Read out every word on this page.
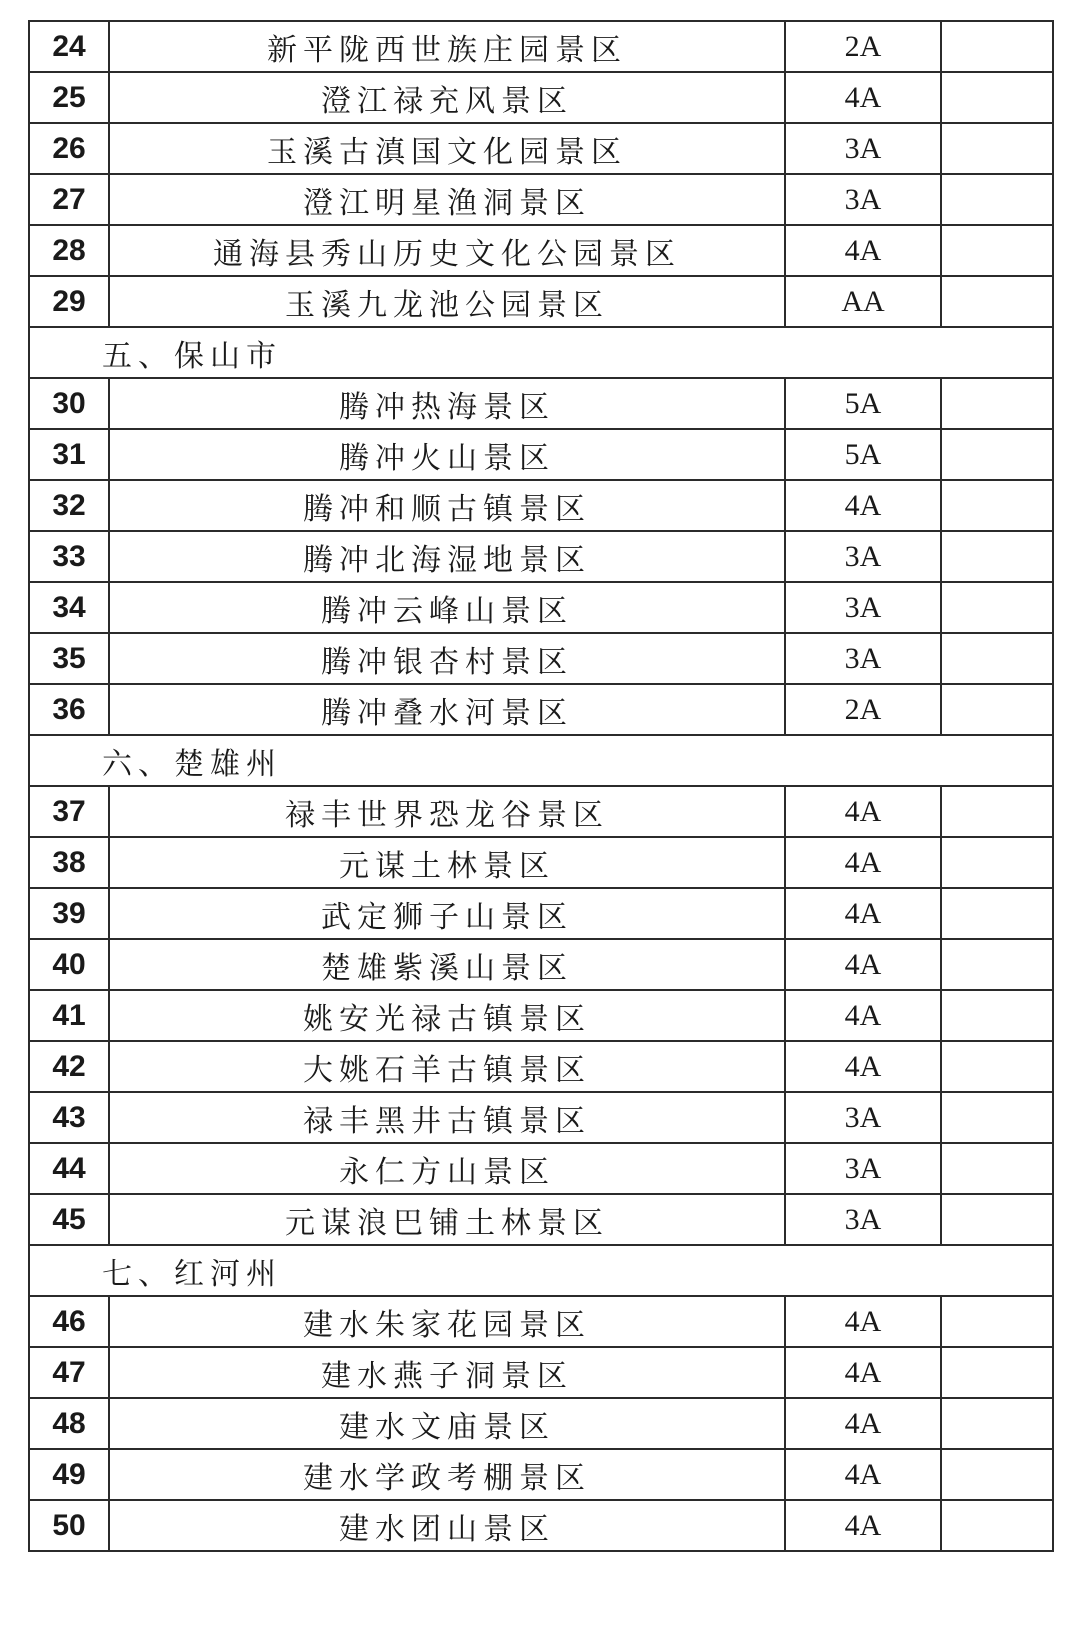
24	新平陇西世族庄园景区	2A	
25	澄江禄充风景区	4A	
26	玉溪古滇国文化园景区	3A	
27	澄江明星渔洞景区	3A	
28	通海县秀山历史文化公园景区	4A	
29	玉溪九龙池公园景区	AA	
五、保山市			
30	腾冲热海景区	5A	
31	腾冲火山景区	5A	
32	腾冲和顺古镇景区	4A	
33	腾冲北海湿地景区	3A	
34	腾冲云峰山景区	3A	
35	腾冲银杏村景区	3A	
36	腾冲叠水河景区	2A	
六、楚雄州			
37	禄丰世界恐龙谷景区	4A	
38	元谋土林景区	4A	
39	武定狮子山景区	4A	
40	楚雄紫溪山景区	4A	
41	姚安光禄古镇景区	4A	
42	大姚石羊古镇景区	4A	
43	禄丰黑井古镇景区	3A	
44	永仁方山景区	3A	
45	元谋浪巴铺土林景区	3A	
七、红河州			
46	建水朱家花园景区	4A	
47	建水燕子洞景区	4A	
48	建水文庙景区	4A	
49	建水学政考棚景区	4A	
50	建水团山景区	4A	
